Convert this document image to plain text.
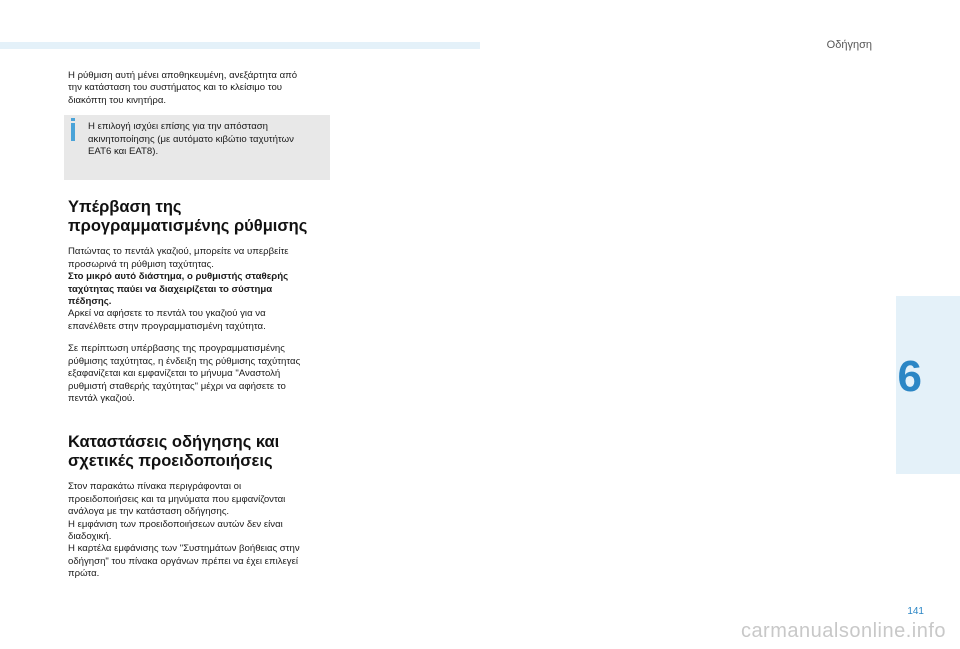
Οδήγηση
6

Η ρύθμιση αυτή μένει αποθηκευμένη, ανεξάρτητα από
την κατάσταση του συστήματος και το κλείσιμο του
διακόπτη του κινητήρα.

Η επιλογή ισχύει επίσης για την απόσταση
ακινητοποίησης (με αυτόματο κιβώτιο ταχυτήτων
EAT6 και EAT8).

Υπέρβαση της
προγραμματισμένης ρύθμισης

Πατώντας το πεντάλ γκαζιού, μπορείτε να υπερβείτε
προσωρινά τη ρύθμιση ταχύτητας.
Στο μικρό αυτό διάστημα, ο ρυθμιστής σταθερής
ταχύτητας παύει να διαχειρίζεται το σύστημα
πέδησης.
Αρκεί να αφήσετε το πεντάλ του γκαζιού για να
επανέλθετε στην προγραμματισμένη ταχύτητα.

Σε περίπτωση υπέρβασης της προγραμματισμένης
ρύθμισης ταχύτητας, η ένδειξη της ρύθμισης ταχύτητας
εξαφανίζεται και εμφανίζεται το μήνυμα "Αναστολή
ρυθμιστή σταθερής ταχύτητας" μέχρι να αφήσετε το
πεντάλ γκαζιού.

Καταστάσεις οδήγησης και
σχετικές προειδοποιήσεις

Στον παρακάτω πίνακα περιγράφονται οι
προειδοποιήσεις και τα μηνύματα που εμφανίζονται
ανάλογα με την κατάσταση οδήγησης.
Η εμφάνιση των προειδοποιήσεων αυτών δεν είναι
διαδοχική.
Η καρτέλα εμφάνισης των "Συστημάτων βοήθειας στην
οδήγηση" του πίνακα οργάνων πρέπει να έχει επιλεγεί
πρώτα.

141
carmanualsonline.info
